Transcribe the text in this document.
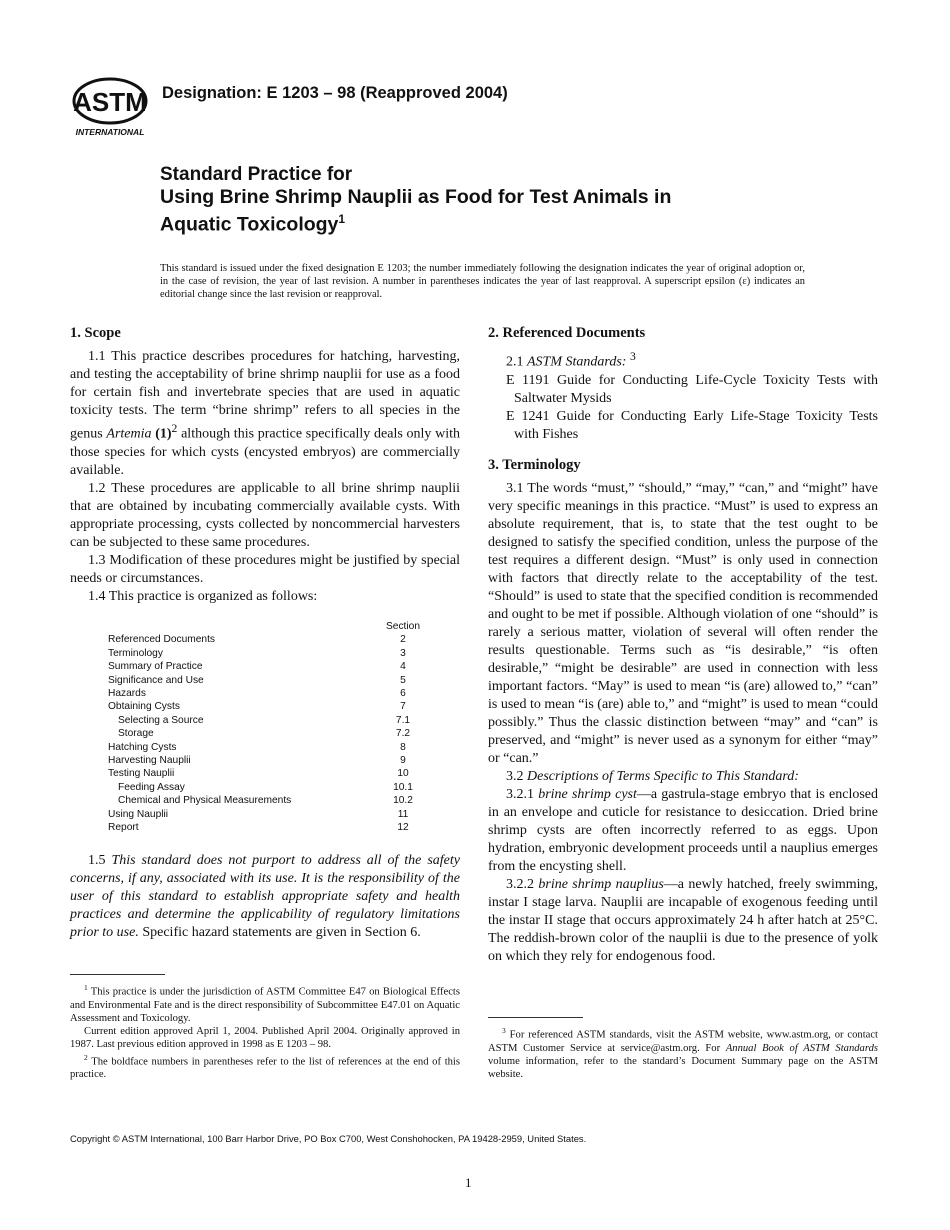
ASTM
INTERNATIONAL
Designation: E 1203 – 98 (Reapproved 2004)
Standard Practice for
Using Brine Shrimp Nauplii as Food for Test Animals in
Aquatic Toxicology$^1$

This standard is issued under the fixed designation E 1203; the number immediately following the designation indicates the year of original adoption or, in the case of revision, the year of last revision. A number in parentheses indicates the year of last reapproval. A superscript epsilon (ε) indicates an editorial change since the last revision or reapproval.

1. Scope

1.1 This practice describes procedures for hatching, harvesting, and testing the acceptability of brine shrimp nauplii for use as a food for certain fish and invertebrate species that are used in aquatic toxicity tests. The term “brine shrimp” refers to all species in the genus Artemia $(1)^2$ although this practice specifically deals only with those species for which cysts (encysted embryos) are commercially available.

1.2 These procedures are applicable to all brine shrimp nauplii that are obtained by incubating commercially available cysts. With appropriate processing, cysts collected by noncommercial harvesters can be subjected to these same procedures.

1.3 Modification of these procedures might be justified by special needs or circumstances.

1.4 This practice is organized as follows:

Section
Referenced Documents	2
Terminology	3
Summary of Practice	4
Significance and Use	5
Hazards	6
Obtaining Cysts	7
Selecting a Source	7.1
Storage	7.2
Hatching Cysts	8
Harvesting Nauplii	9
Testing Nauplii	10
Feeding Assay	10.1
Chemical and Physical Measurements	10.2
Using Nauplii	11
Report	12

1.5 This standard does not purport to address all of the safety concerns, if any, associated with its use. It is the responsibility of the user of this standard to establish appropriate safety and health practices and determine the applicability of regulatory limitations prior to use. Specific hazard statements are given in Section 6.

$^1$ This practice is under the jurisdiction of ASTM Committee E47 on Biological Effects and Environmental Fate and is the direct responsibility of Subcommittee E47.01 on Aquatic Assessment and Toxicology.

Current edition approved April 1, 2004. Published April 2004. Originally approved in 1987. Last previous edition approved in 1998 as E 1203 – 98.

$^2$ The boldface numbers in parentheses refer to the list of references at the end of this practice.

2. Referenced Documents

2.1 ASTM Standards: $^3$

E 1191 Guide for Conducting Life-Cycle Toxicity Tests with Saltwater Mysids

E 1241 Guide for Conducting Early Life-Stage Toxicity Tests with Fishes

3. Terminology

3.1 The words “must,” “should,” “may,” “can,” and “might” have very specific meanings in this practice. “Must” is used to express an absolute requirement, that is, to state that the test ought to be designed to satisfy the specified condition, unless the purpose of the test requires a different design. “Must” is only used in connection with factors that directly relate to the acceptability of the test. “Should” is used to state that the specified condition is recommended and ought to be met if possible. Although violation of one “should” is rarely a serious matter, violation of several will often render the results questionable. Terms such as “is desirable,” “is often desirable,” “might be desirable” are used in connection with less important factors. “May” is used to mean “is (are) allowed to,” “can” is used to mean “is (are) able to,” and “might” is used to mean “could possibly.” Thus the classic distinction between “may” and “can” is preserved, and “might” is never used as a synonym for either “may” or “can.”

3.2 Descriptions of Terms Specific to This Standard:

3.2.1 brine shrimp cyst—a gastrula-stage embryo that is enclosed in an envelope and cuticle for resistance to desiccation. Dried brine shrimp cysts are often incorrectly referred to as eggs. Upon hydration, embryonic development proceeds until a nauplius emerges from the encysting shell.

3.2.2 brine shrimp nauplius—a newly hatched, freely swimming, instar I stage larva. Nauplii are incapable of exogenous feeding until the instar II stage that occurs approximately 24 h after hatch at 25°C. The reddish-brown color of the nauplii is due to the presence of yolk on which they rely for endogenous food.

$^3$ For referenced ASTM standards, visit the ASTM website, www.astm.org, or contact ASTM Customer Service at service@astm.org. For Annual Book of ASTM Standards volume information, refer to the standard’s Document Summary page on the ASTM website.

Copyright © ASTM International, 100 Barr Harbor Drive, PO Box C700, West Conshohocken, PA 19428-2959, United States.
1
